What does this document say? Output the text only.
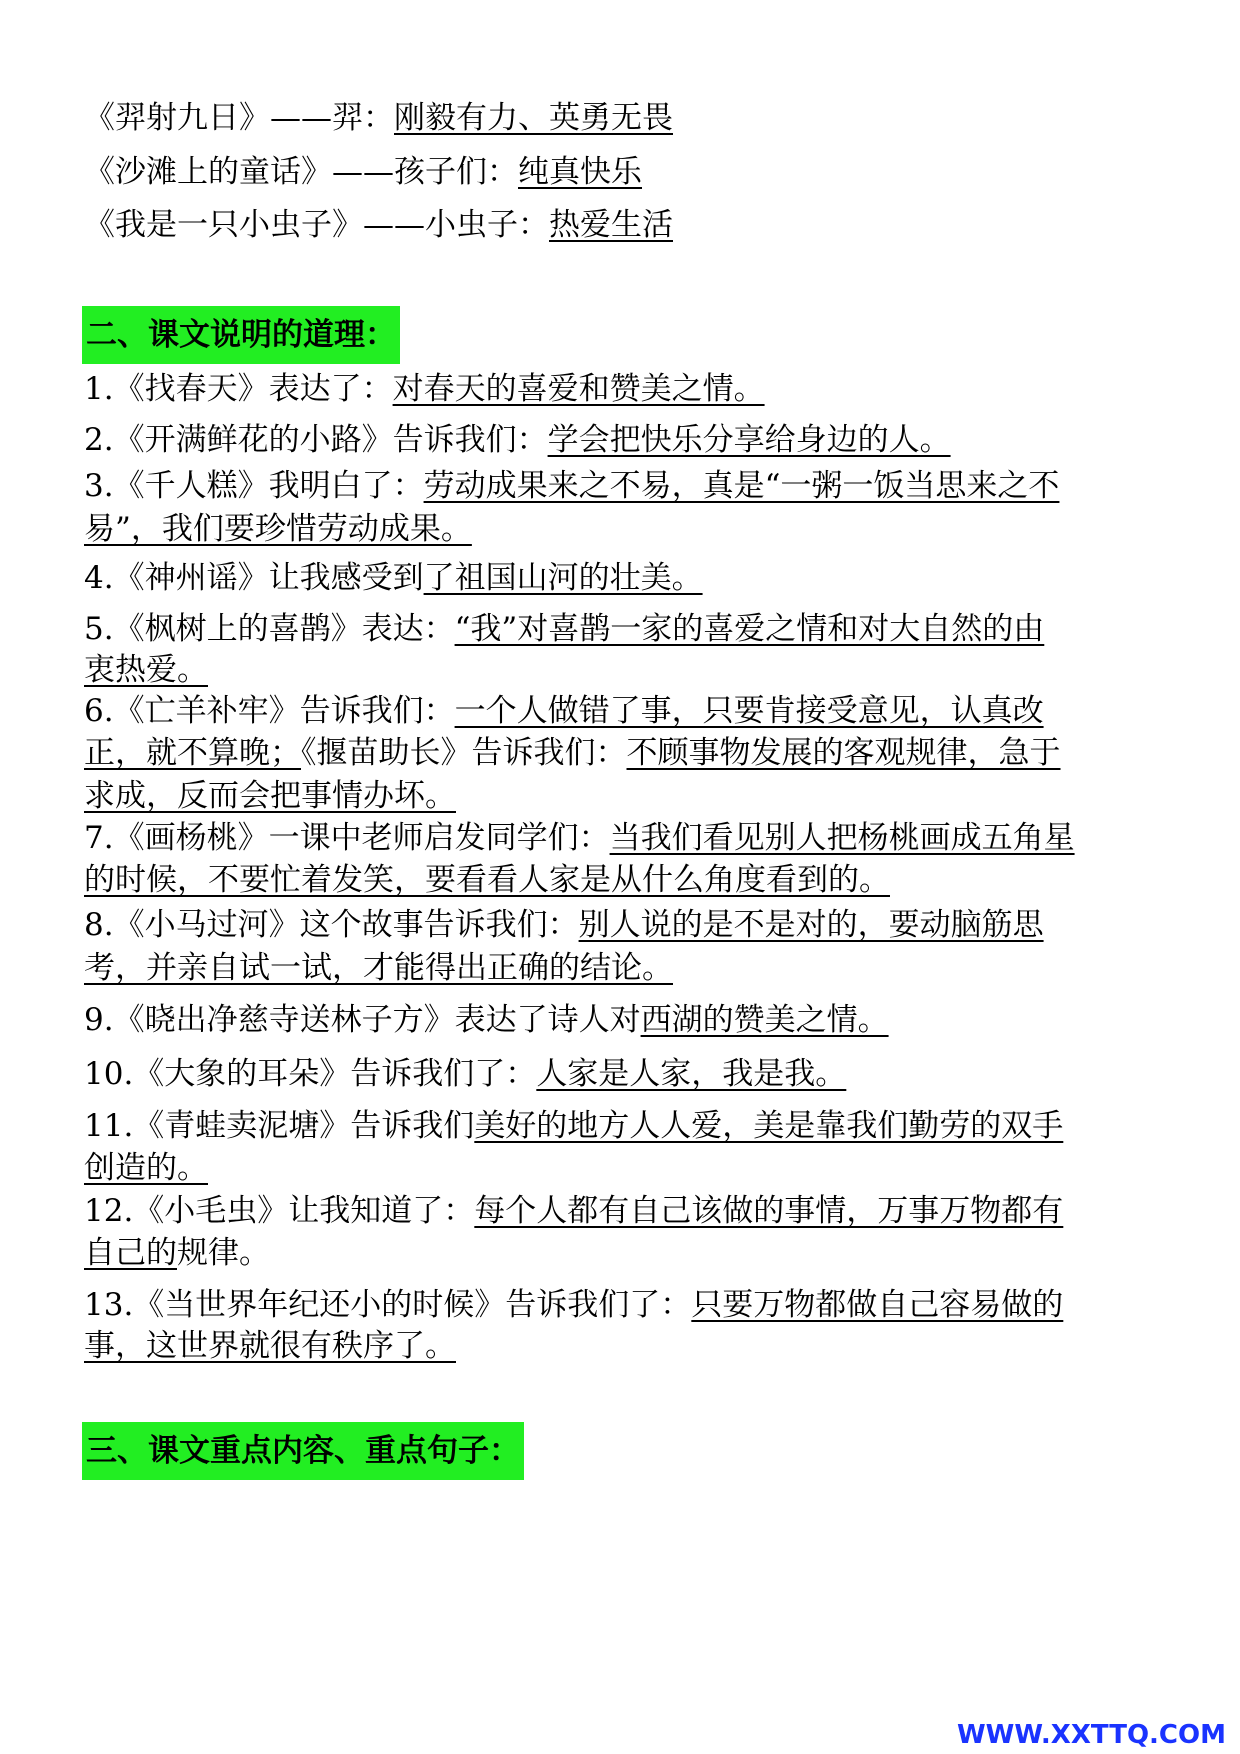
《羿射九日》——羿：刚毅有力、英勇无畏
《沙滩上的童话》——孩子们：纯真快乐
《我是一只小虫子》——小虫子：热爱生活
二、课文说明的道理：
1.《找春天》表达了：对春天的喜爱和赞美之情。
2.《开满鲜花的小路》告诉我们：学会把快乐分享给身边的人。
3.《千人糕》我明白了：劳动成果来之不易，真是“一粥一饭当思来之不
易”，我们要珍惜劳动成果。
4.《神州谣》让我感受到了祖国山河的壮美。
5.《枫树上的喜鹊》表达：“我”对喜鹊一家的喜爱之情和对大自然的由
衷热爱。
6.《亡羊补牢》告诉我们：一个人做错了事，只要肯接受意见，认真改
正，就不算晚；《揠苗助长》告诉我们：不顾事物发展的客观规律，急于
求成，反而会把事情办坏。
7.《画杨桃》一课中老师启发同学们：当我们看见别人把杨桃画成五角星
的时候，不要忙着发笑，要看看人家是从什么角度看到的。
8.《小马过河》这个故事告诉我们：别人说的是不是对的，要动脑筋思
考，并亲自试一试，才能得出正确的结论。
9.《晓出净慈寺送林子方》表达了诗人对西湖的赞美之情。
10.《大象的耳朵》告诉我们了：人家是人家，我是我。
11.《青蛙卖泥塘》告诉我们美好的地方人人爱，美是靠我们勤劳的双手
创造的。
12.《小毛虫》让我知道了：每个人都有自己该做的事情，万事万物都有
自己的规律。
13.《当世界年纪还小的时候》告诉我们了：只要万物都做自己容易做的
事，这世界就很有秩序了。
三、课文重点内容、重点句子：
WWW.XXTTQ.COM
